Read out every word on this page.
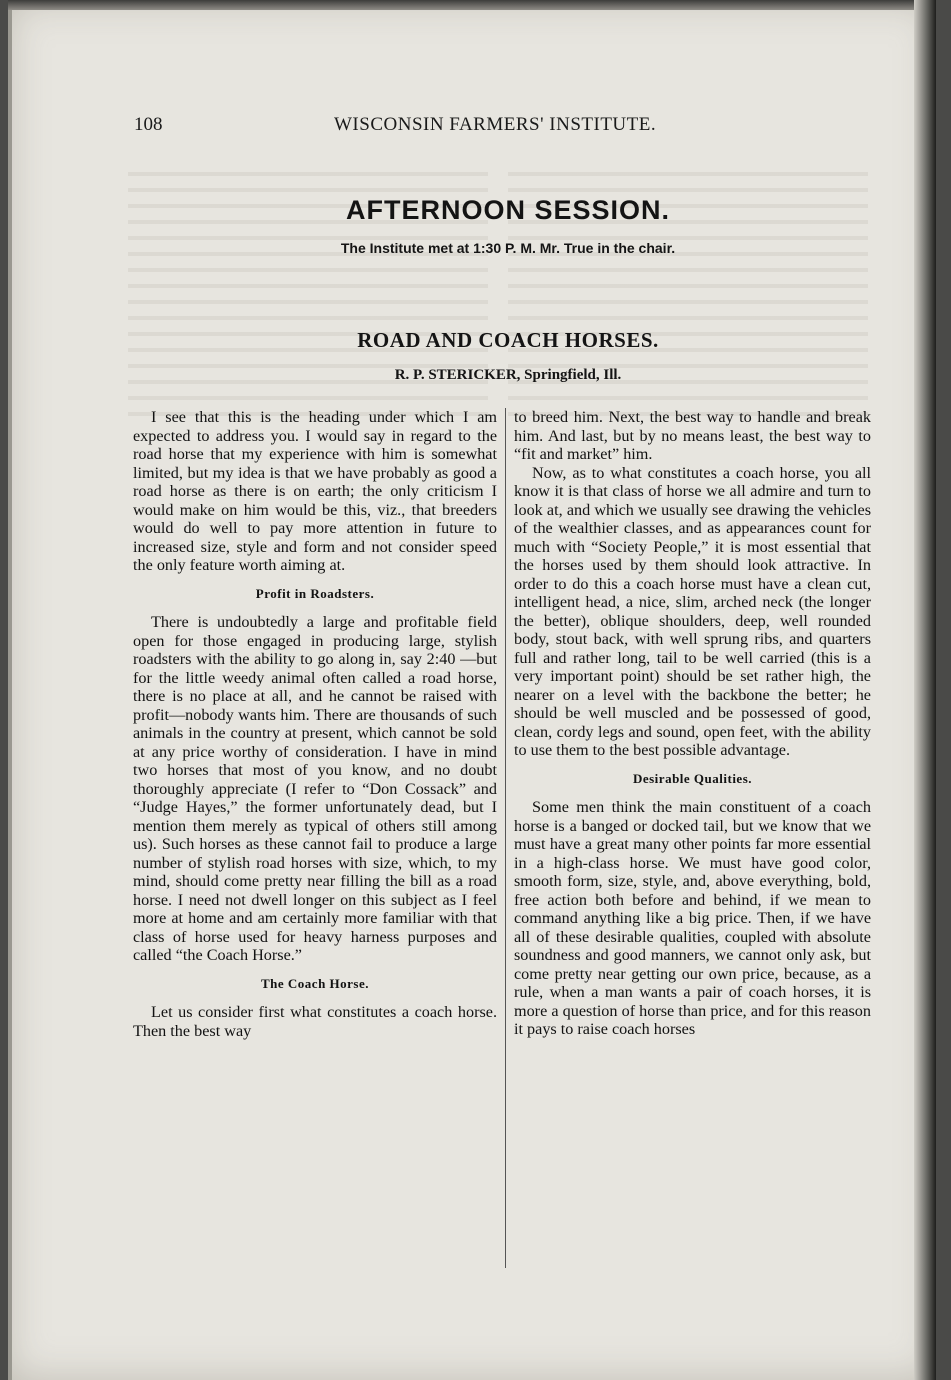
108	WISCONSIN FARMERS' INSTITUTE.
AFTERNOON SESSION.
The Institute met at 1:30 P. M. Mr. True in the chair.
ROAD AND COACH HORSES.
R. P. STERICKER, Springfield, Ill.

I see that this is the heading under which I am expected to address you. I would say in regard to the road horse that my experience with him is somewhat limited, but my idea is that we have probably as good a road horse as there is on earth; the only criticism I would make on him would be this, viz., that breeders would do well to pay more attention in future to increased size, style and form and not consider speed the only feature worth aiming at.

Profit in Roadsters.

There is undoubtedly a large and profitable field open for those engaged in producing large, stylish roadsters with the ability to go along in, say 2:40 —but for the little weedy animal often called a road horse, there is no place at all, and he cannot be raised with profit—nobody wants him. There are thousands of such animals in the country at present, which cannot be sold at any price worthy of consideration. I have in mind two horses that most of you know, and no doubt thoroughly appreciate (I refer to “Don Cossack” and “Judge Hayes,” the former unfortunately dead, but I mention them merely as typical of others still among us). Such horses as these cannot fail to produce a large number of stylish road horses with size, which, to my mind, should come pretty near filling the bill as a road horse. I need not dwell longer on this subject as I feel more at home and am certainly more familiar with that class of horse used for heavy harness purposes and called “the Coach Horse.”

The Coach Horse.

Let us consider first what constitutes a coach horse. Then the best way

to breed him. Next, the best way to handle and break him. And last, but by no means least, the best way to “fit and market” him.

Now, as to what constitutes a coach horse, you all know it is that class of horse we all admire and turn to look at, and which we usually see drawing the vehicles of the wealthier classes, and as appearances count for much with “Society People,” it is most essential that the horses used by them should look attractive. In order to do this a coach horse must have a clean cut, intelligent head, a nice, slim, arched neck (the longer the better), oblique shoulders, deep, well rounded body, stout back, with well sprung ribs, and quarters full and rather long, tail to be well carried (this is a very important point) should be set rather high, the nearer on a level with the backbone the better; he should be well muscled and be possessed of good, clean, cordy legs and sound, open feet, with the ability to use them to the best possible advantage.

Desirable Qualities.

Some men think the main constituent of a coach horse is a banged or docked tail, but we know that we must have a great many other points far more essential in a high-class horse. We must have good color, smooth form, size, style, and, above everything, bold, free action both before and behind, if we mean to command anything like a big price. Then, if we have all of these desirable qualities, coupled with absolute soundness and good manners, we cannot only ask, but come pretty near getting our own price, because, as a rule, when a man wants a pair of coach horses, it is more a question of horse than price, and for this reason it pays to raise coach horses
